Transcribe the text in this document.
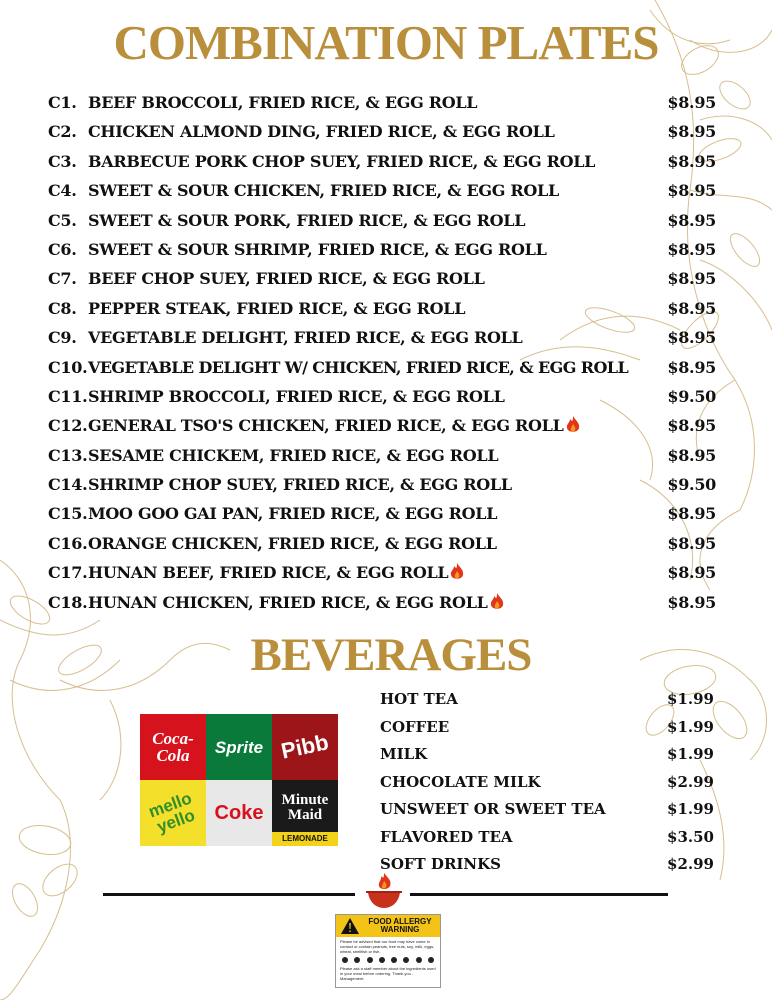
COMBINATION PLATES
C1. BEEF BROCCOLI, FRIED RICE, & EGG ROLL	$8.95
C2. CHICKEN ALMOND DING, FRIED RICE, & EGG ROLL	$8.95
C3. BARBECUE PORK CHOP SUEY, FRIED RICE, & EGG ROLL	$8.95
C4. SWEET & SOUR CHICKEN, FRIED RICE, & EGG ROLL	$8.95
C5. SWEET & SOUR PORK, FRIED RICE, & EGG ROLL	$8.95
C6. SWEET & SOUR SHRIMP, FRIED RICE, & EGG ROLL	$8.95
C7. BEEF CHOP SUEY, FRIED RICE, & EGG ROLL	$8.95
C8. PEPPER STEAK, FRIED RICE, & EGG ROLL	$8.95
C9. VEGETABLE DELIGHT, FRIED RICE, & EGG ROLL	$8.95
C10.VEGETABLE DELIGHT W/ CHICKEN, FRIED RICE, & EGG ROLL $8.95
C11.SHRIMP BROCCOLI, FRIED RICE, & EGG ROLL	$9.50
C12.GENERAL TSO'S CHICKEN, FRIED RICE, & EGG ROLL	$8.95
C13.SESAME CHICKEM, FRIED RICE, & EGG ROLL	$8.95
C14.SHRIMP CHOP SUEY, FRIED RICE, & EGG ROLL	$9.50
C15.MOO GOO GAI PAN, FRIED RICE, & EGG ROLL	$8.95
C16.ORANGE CHICKEN, FRIED RICE, & EGG ROLL	$8.95
C17.HUNAN BEEF, FRIED RICE, & EGG ROLL	$8.95
C18.HUNAN CHICKEN, FRIED RICE, & EGG ROLL	$8.95
BEVERAGES
Coca-Cola	Sprite Pibb
mello yello Coke
Minute Maid
LEMONADE
HOT TEA	$1.99
COFFEE	$1.99
MILK	$1.99
CHOCOLATE MILK	$2.99
UNSWEET OR SWEET TEA	$1.99
FLAVORED TEA	$3.50
SOFT DRINKS	$2.99
FOOD ALLERGY WARNING
Please be advised that our food may have come in contact or contain peanuts, tree nuts, soy, milk, eggs, wheat, shellfish or fish.
Please ask a staff member about the ingredients used in your meal before ordering. Thank you - Management.
